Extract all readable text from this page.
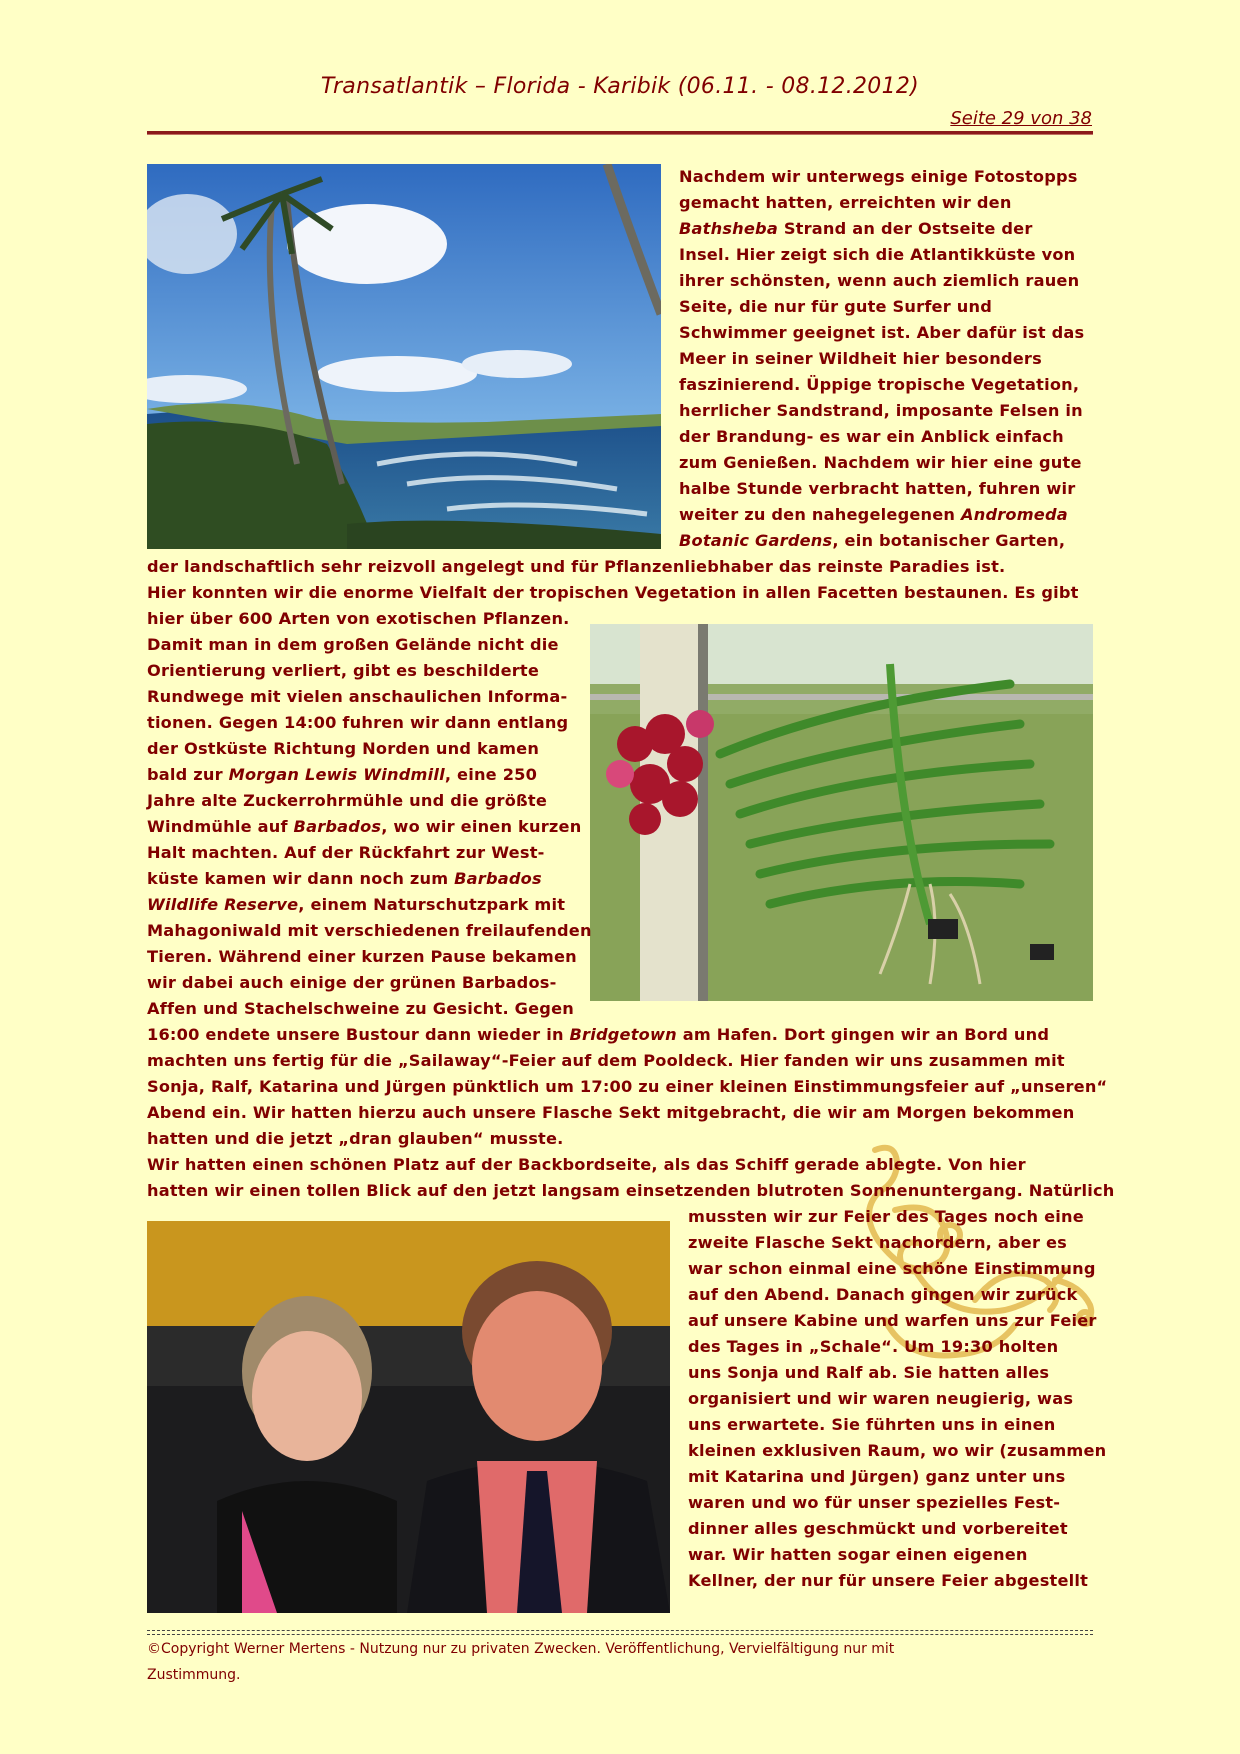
Transatlantik – Florida - Karibik (06.11. - 08.12.2012)
Seite 29 von 38
Nachdem wir unterwegs einige Fotostopps
gemacht hatten, erreichten wir den
Bathsheba Strand an der Ostseite der
Insel. Hier zeigt sich die Atlantikküste von
ihrer schönsten, wenn auch ziemlich rauen
Seite, die nur für gute Surfer und
Schwimmer geeignet ist. Aber dafür ist das
Meer in seiner Wildheit hier besonders
faszinierend. Üppige tropische Vegetation,
herrlicher Sandstrand, imposante Felsen in
der Brandung- es war ein Anblick einfach
zum Genießen. Nachdem wir hier eine gute
halbe Stunde verbracht hatten, fuhren wir
weiter zu den nahegelegenen Andromeda
Botanic Gardens, ein botanischer Garten,
der landschaftlich sehr reizvoll angelegt und für Pflanzenliebhaber das reinste Paradies ist.
Hier konnten wir die enorme Vielfalt der tropischen Vegetation in allen Facetten bestaunen. Es gibt
hier über 600 Arten von exotischen Pflanzen.
Damit man in dem großen Gelände nicht die
Orientierung verliert, gibt es beschilderte
Rundwege mit vielen anschaulichen Informa-
tionen. Gegen 14:00 fuhren wir dann entlang
der Ostküste Richtung Norden und kamen
bald zur Morgan Lewis Windmill, eine 250
Jahre alte Zuckerrohrmühle und die größte
Windmühle auf Barbados, wo wir einen kurzen
Halt machten. Auf der Rückfahrt zur West-
küste kamen wir dann noch zum Barbados
Wildlife Reserve, einem Naturschutzpark mit
Mahagoniwald mit verschiedenen freilaufenden
Tieren. Während einer kurzen Pause bekamen
wir dabei auch einige der grünen Barbados-
Affen und Stachelschweine zu Gesicht. Gegen
16:00 endete unsere Bustour dann wieder in Bridgetown am Hafen. Dort gingen wir an Bord und
machten uns fertig für die „Sailaway“-Feier auf dem Pooldeck. Hier fanden wir uns zusammen mit
Sonja, Ralf, Katarina und Jürgen pünktlich um 17:00 zu einer kleinen Einstimmungsfeier auf „unseren“
Abend ein. Wir hatten hierzu auch unsere Flasche Sekt mitgebracht, die wir am Morgen bekommen
hatten und die jetzt „dran glauben“ musste.
Wir hatten einen schönen Platz auf der Backbordseite, als das Schiff gerade ablegte. Von hier
hatten wir einen tollen Blick auf den jetzt langsam einsetzenden blutroten Sonnenuntergang. Natürlich
mussten wir zur Feier des Tages noch eine
zweite Flasche Sekt nachordern, aber es
war schon einmal eine schöne Einstimmung
auf den Abend. Danach gingen wir zurück
auf unsere Kabine und warfen uns zur Feier
des Tages in „Schale“. Um 19:30 holten
uns Sonja und Ralf ab. Sie hatten alles
organisiert und wir waren neugierig, was
uns erwartete. Sie führten uns in einen
kleinen exklusiven Raum, wo wir (zusammen
mit Katarina und Jürgen) ganz unter uns
waren und wo für unser spezielles Fest-
dinner alles geschmückt und vorbereitet
war. Wir hatten sogar einen eigenen
Kellner, der nur für unsere Feier abgestellt
©Copyright Werner Mertens - Nutzung nur zu privaten Zwecken. Veröffentlichung, Vervielfältigung nur mit
Zustimmung.
